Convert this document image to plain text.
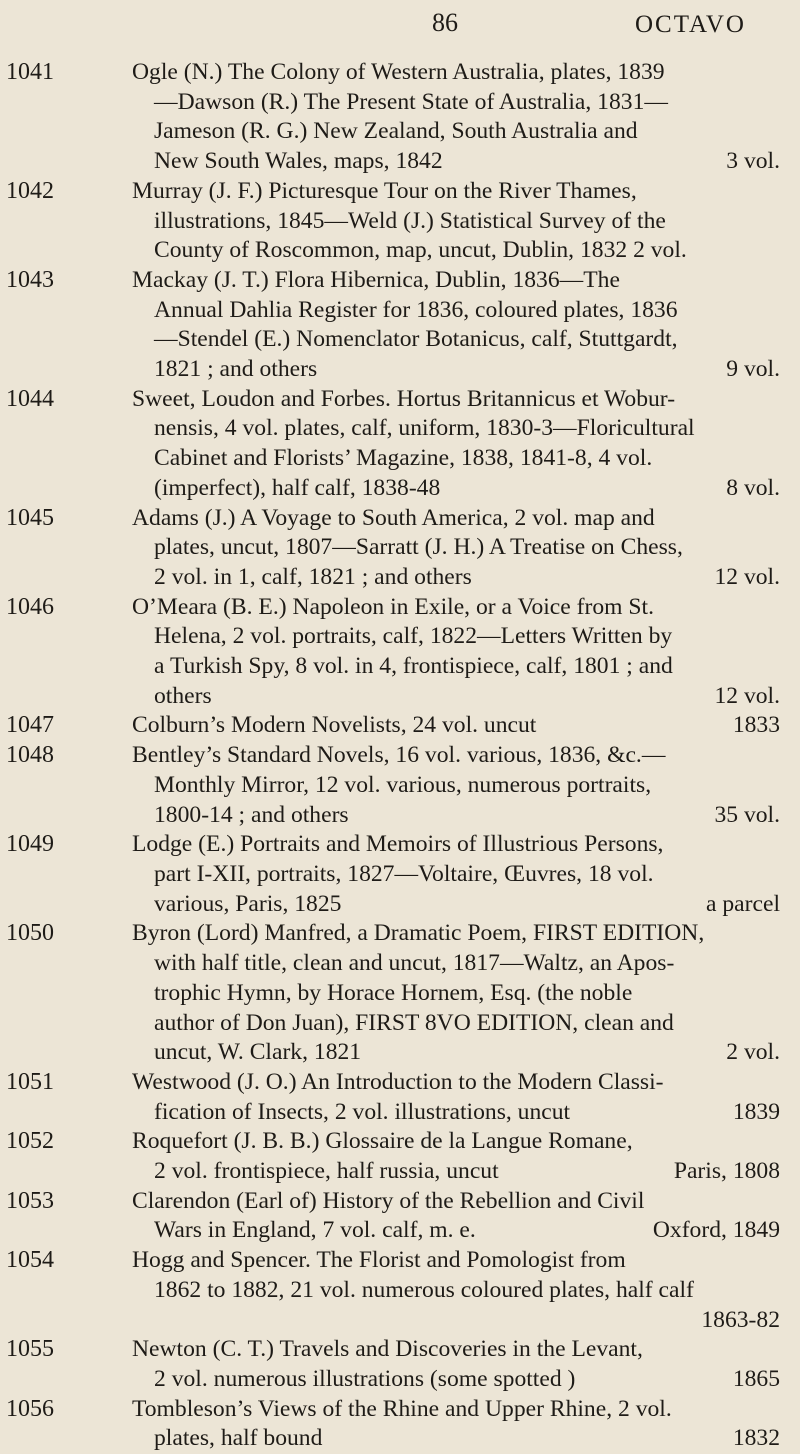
86	OCTAVO
1041	Ogle (N.) The Colony of Western Australia, plates, 1839
—Dawson (R.) The Present State of Australia, 1831—
Jameson (R. G.) New Zealand, South Australia and
New South Wales, maps, 1842	3 vol.
1042	Murray (J. F.) Picturesque Tour on the River Thames,
illustrations, 1845—Weld (J.) Statistical Survey of the
County of Roscommon, map, uncut, Dublin, 1832 2 vol.
1043	Mackay (J. T.) Flora Hibernica, Dublin, 1836—The
Annual Dahlia Register for 1836, coloured plates, 1836
—Stendel (E.) Nomenclator Botanicus, calf, Stuttgardt,
1821 ; and others	9 vol.
1044	Sweet, Loudon and Forbes. Hortus Britannicus et Wobur-
nensis, 4 vol. plates, calf, uniform, 1830-3—Floricultural
Cabinet and Florists’ Magazine, 1838, 1841-8, 4 vol.
(imperfect), half calf, 1838-48	8 vol.
1045	Adams (J.) A Voyage to South America, 2 vol. map and
plates, uncut, 1807—Sarratt (J. H.) A Treatise on Chess,
2 vol. in 1, calf, 1821 ; and others	12 vol.
1046	O’Meara (B. E.) Napoleon in Exile, or a Voice from St.
Helena, 2 vol. portraits, calf, 1822—Letters Written by
a Turkish Spy, 8 vol. in 4, frontispiece, calf, 1801 ; and
others	12 vol.
1047	Colburn’s Modern Novelists, 24 vol. uncut	1833
1048	Bentley’s Standard Novels, 16 vol. various, 1836, &c.—
Monthly Mirror, 12 vol. various, numerous portraits,
1800-14 ; and others	35 vol.
1049	Lodge (E.) Portraits and Memoirs of Illustrious Persons,
part I-XII, portraits, 1827—Voltaire, Œuvres, 18 vol.
various, Paris, 1825	a parcel
1050	Byron (Lord) Manfred, a Dramatic Poem, FIRST EDITION,
with half title, clean and uncut, 1817—Waltz, an Apos-
trophic Hymn, by Horace Hornem, Esq. (the noble
author of Don Juan), FIRST 8VO EDITION, clean and
uncut, W. Clark, 1821	2 vol.
1051	Westwood (J. O.) An Introduction to the Modern Classi-
fication of Insects, 2 vol. illustrations, uncut	1839
1052	Roquefort (J. B. B.) Glossaire de la Langue Romane,
2 vol. frontispiece, half russia, uncut	Paris, 1808
1053	Clarendon (Earl of) History of the Rebellion and Civil
Wars in England, 7 vol. calf, m. e.	Oxford, 1849
1054	Hogg and Spencer. The Florist and Pomologist from
1862 to 1882, 21 vol. numerous coloured plates, half calf
1863-82
1055	Newton (C. T.) Travels and Discoveries in the Levant,
2 vol. numerous illustrations (some spotted )	1865
1056	Tombleson’s Views of the Rhine and Upper Rhine, 2 vol.
plates, half bound	1832
